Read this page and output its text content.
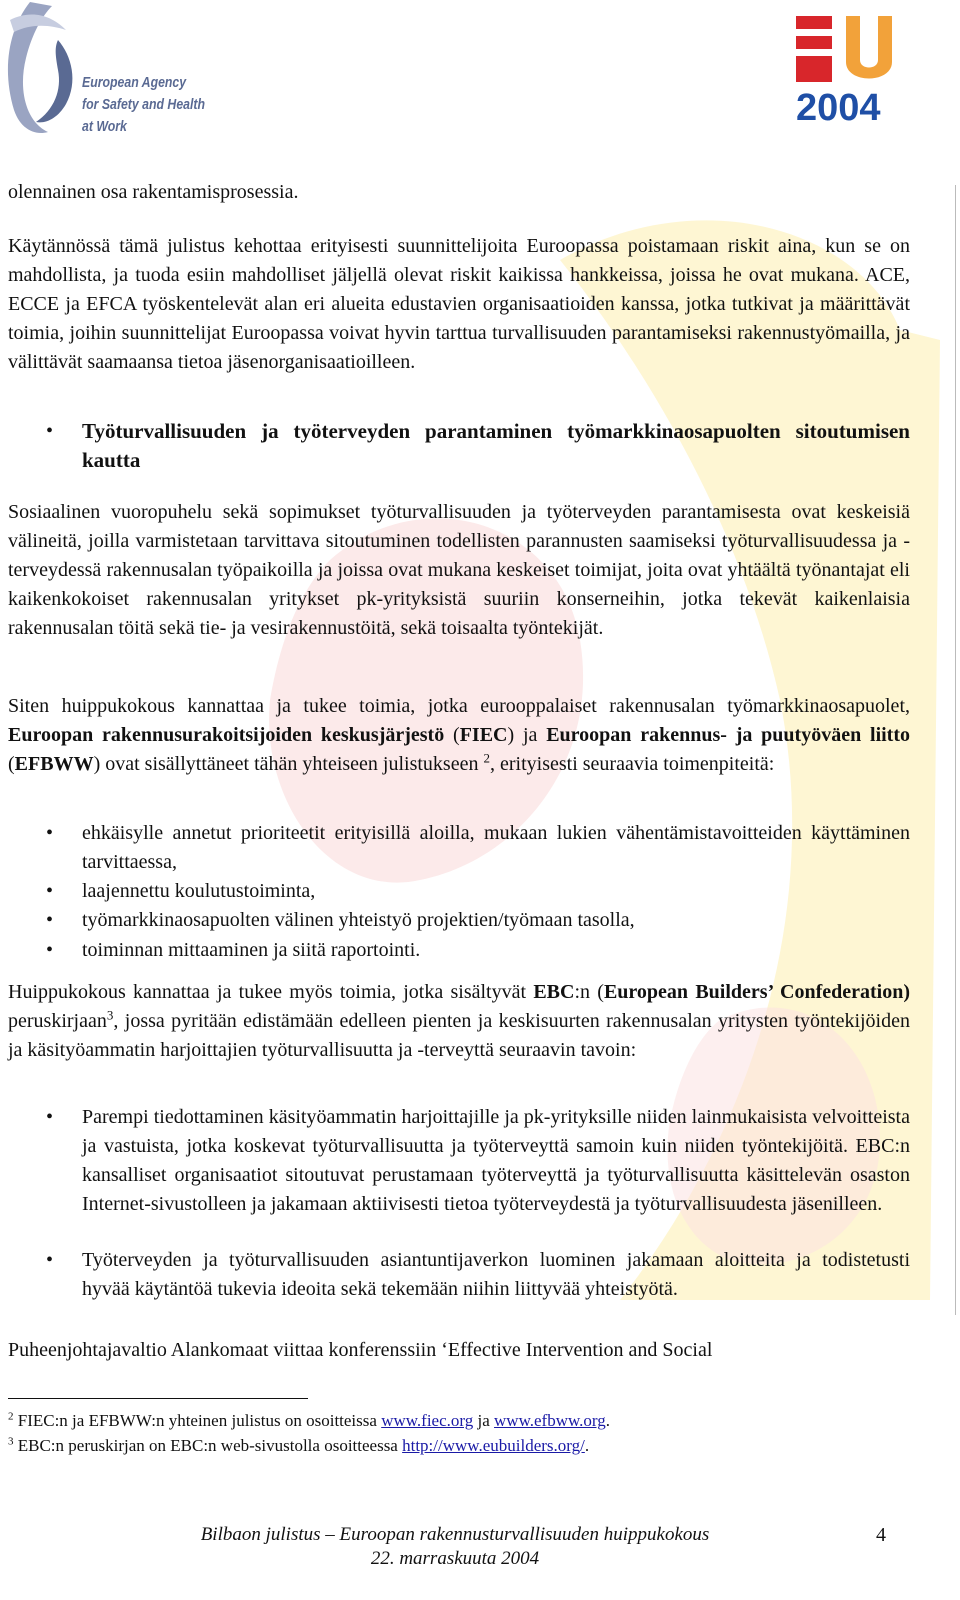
European Agency
for Safety and Health
at Work	2004

olennainen osa rakentamisprosessia.

Käytännössä tämä julistus kehottaa erityisesti suunnittelijoita Euroopassa poistamaan riskit aina, kun se on mahdollista, ja tuoda esiin mahdolliset jäljellä olevat riskit kaikissa hankkeissa, joissa he ovat mukana. ACE, ECCE ja EFCA työskentelevät alan eri alueita edustavien organisaatioiden kanssa, jotka tutkivat ja määrittävät toimia, joihin suunnittelijat Euroopassa voivat hyvin tarttua turvallisuuden parantamiseksi rakennustyömailla, ja välittävät saamaansa tietoa jäsenorganisaatioilleen.

• Työturvallisuuden ja työterveyden parantaminen työmarkkinaosapuolten sitoutumisen kautta

Sosiaalinen vuoropuhelu sekä sopimukset työturvallisuuden ja työterveyden parantamisesta ovat keskeisiä välineitä, joilla varmistetaan tarvittava sitoutuminen todellisten parannusten saamiseksi työturvallisuudessa ja -terveydessä rakennusalan työpaikoilla ja joissa ovat mukana keskeiset toimijat, joita ovat yhtäältä työnantajat eli kaikenkokoiset rakennusalan yritykset pk-yrityksistä suuriin konserneihin, jotka tekevät kaikenlaisia rakennusalan töitä sekä tie- ja vesirakennustöitä, sekä toisaalta työntekijät.

Siten huippukokous kannattaa ja tukee toimia, jotka eurooppalaiset rakennusalan työmarkkinaosapuolet, Euroopan rakennusurakoitsijoiden keskusjärjestö (FIEC) ja Euroopan rakennus- ja puutyöväen liitto (EFBWW) ovat sisällyttäneet tähän yhteiseen julistukseen $^2$, erityisesti seuraavia toimenpiteitä:

• ehkäisylle annetut prioriteetit erityisillä aloilla, mukaan lukien vähentämistavoitteiden käyttäminen tarvittaessa,
• laajennettu koulutustoiminta,
• työmarkkinaosapuolten välinen yhteistyö projektien/työmaan tasolla,
• toiminnan mittaaminen ja siitä raportointi.

Huippukokous kannattaa ja tukee myös toimia, jotka sisältyvät EBC:n (European Builders’ Confederation) peruskirjaan$^3$, jossa pyritään edistämään edelleen pienten ja keskisuurten rakennusalan yritysten työntekijöiden ja käsityöammatin harjoittajien työturvallisuutta ja -terveyttä seuraavin tavoin:

• Parempi tiedottaminen käsityöammatin harjoittajille ja pk-yrityksille niiden lainmukaisista velvoitteista ja vastuista, jotka koskevat työturvallisuutta ja työterveyttä samoin kuin niiden työntekijöitä. EBC:n kansalliset organisaatiot sitoutuvat perustamaan työterveyttä ja työturvallisuutta käsittelevän osaston Internet-sivustolleen ja jakamaan aktiivisesti tietoa työterveydestä ja työturvallisuudesta jäsenilleen.
• Työterveyden ja työturvallisuuden asiantuntijaverkon luominen jakamaan aloitteita ja todistetusti hyvää käytäntöä tukevia ideoita sekä tekemään niihin liittyvää yhteistyötä.

Puheenjohtajavaltio Alankomaat viittaa konferenssiin ‘Effective Intervention and Social

$^2$ FIEC:n ja EFBWW:n yhteinen julistus on osoitteissa www.fiec.org ja www.efbww.org.
$^3$ EBC:n peruskirjan on EBC:n web-sivustolla osoitteessa http://www.eubuilders.org/.
Bilbaon julistus – Euroopan rakennusturvallisuuden huippukokous
22. marraskuuta 2004
4
